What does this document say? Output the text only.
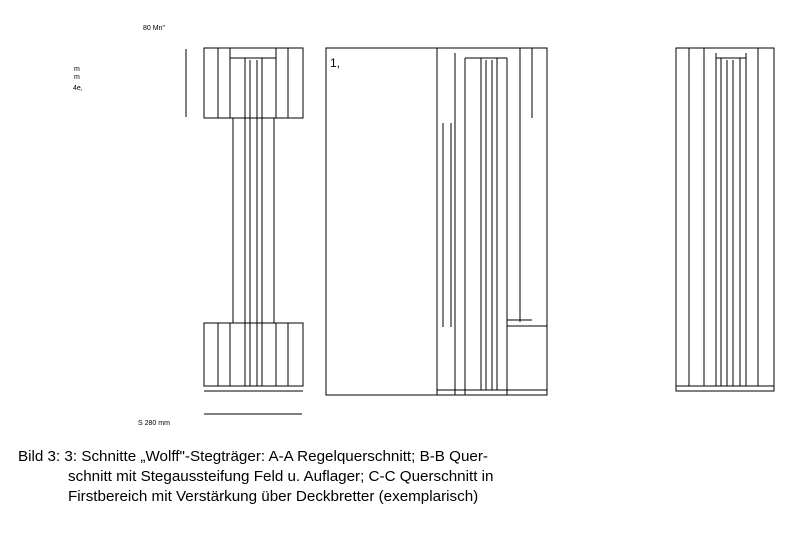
80 Mn"
m
m
4e,
1,
S 280 mm
Bild 3: 3: Schnitte „Wolff"-Stegträger: A-A Regelquerschnitt; B-B Quer-
schnitt mit Stegaussteifung Feld u. Auflager; C-C Querschnitt in
Firstbereich mit Verstärkung über Deckbretter (exemplarisch)
